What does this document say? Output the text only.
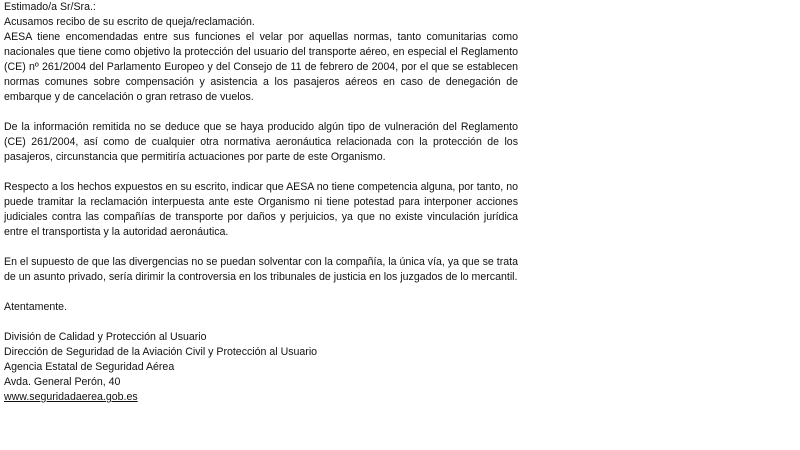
Estimado/a Sr/Sra.:

Acusamos recibo de su escrito de queja/reclamación.

AESA tiene encomendadas entre sus funciones el velar por aquellas normas, tanto comunitarias como nacionales que tiene como objetivo la protección del usuario del transporte aéreo, en especial el Reglamento (CE) nº 261/2004 del Parlamento Europeo y del Consejo de 11 de febrero de 2004, por el que se establecen normas comunes sobre compensación y asistencia a los pasajeros aéreos en caso de denegación de embarque y de cancelación o gran retraso de vuelos.

De la información remitida no se deduce que se haya producido algún tipo de vulneración del Reglamento (CE) 261/2004, así como de cualquier otra normativa aeronáutica relacionada con la protección de los pasajeros, circunstancia que permitiría actuaciones por parte de este Organismo.

Respecto a los hechos expuestos en su escrito, indicar que AESA no tiene competencia alguna, por tanto, no puede tramitar la reclamación interpuesta ante este Organismo ni tiene potestad para interponer acciones judiciales contra las compañías de transporte por daños y perjuicios, ya que no existe vinculación jurídica entre el transportista y la autoridad aeronáutica.

En el supuesto de que las divergencias no se puedan solventar con la compañía, la única vía, ya que se trata de un asunto privado, sería dirimir la controversia en los tribunales de justicia en los juzgados de lo mercantil.

Atentamente.

División de Calidad y Protección al Usuario

Dirección de Seguridad de la Aviación Civil y Protección al Usuario

Agencia Estatal de Seguridad Aérea

Avda. General Perón, 40

www.seguridadaerea.gob.es
